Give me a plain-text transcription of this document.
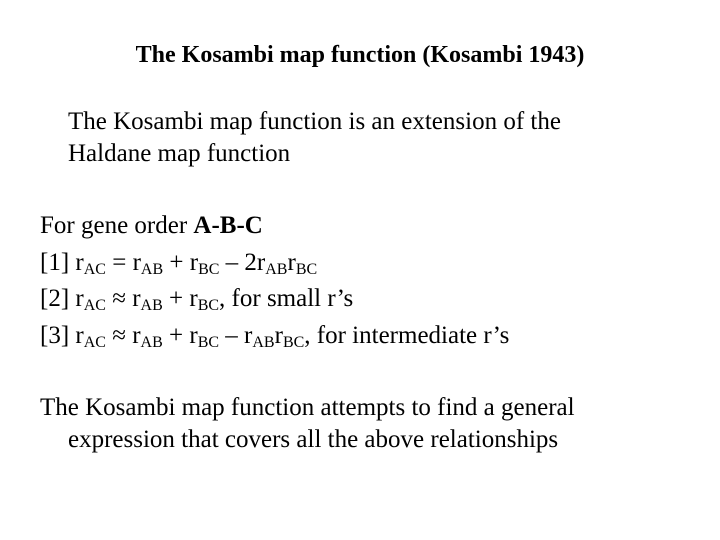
The Kosambi map function (Kosambi 1943)
The Kosambi map function is an extension of the
Haldane map function
For gene order A-B-C
[1] $r_{AC} = r_{AB} + r_{BC} - 2r_{AB}r_{BC}$
[2] $r_{AC} \approx r_{AB} + r_{BC}$, for small r’s
[3] $r_{AC} \approx r_{AB} + r_{BC} - r_{AB}r_{BC}$, for intermediate r’s
The Kosambi map function attempts to find a general
expression that covers all the above relationships
